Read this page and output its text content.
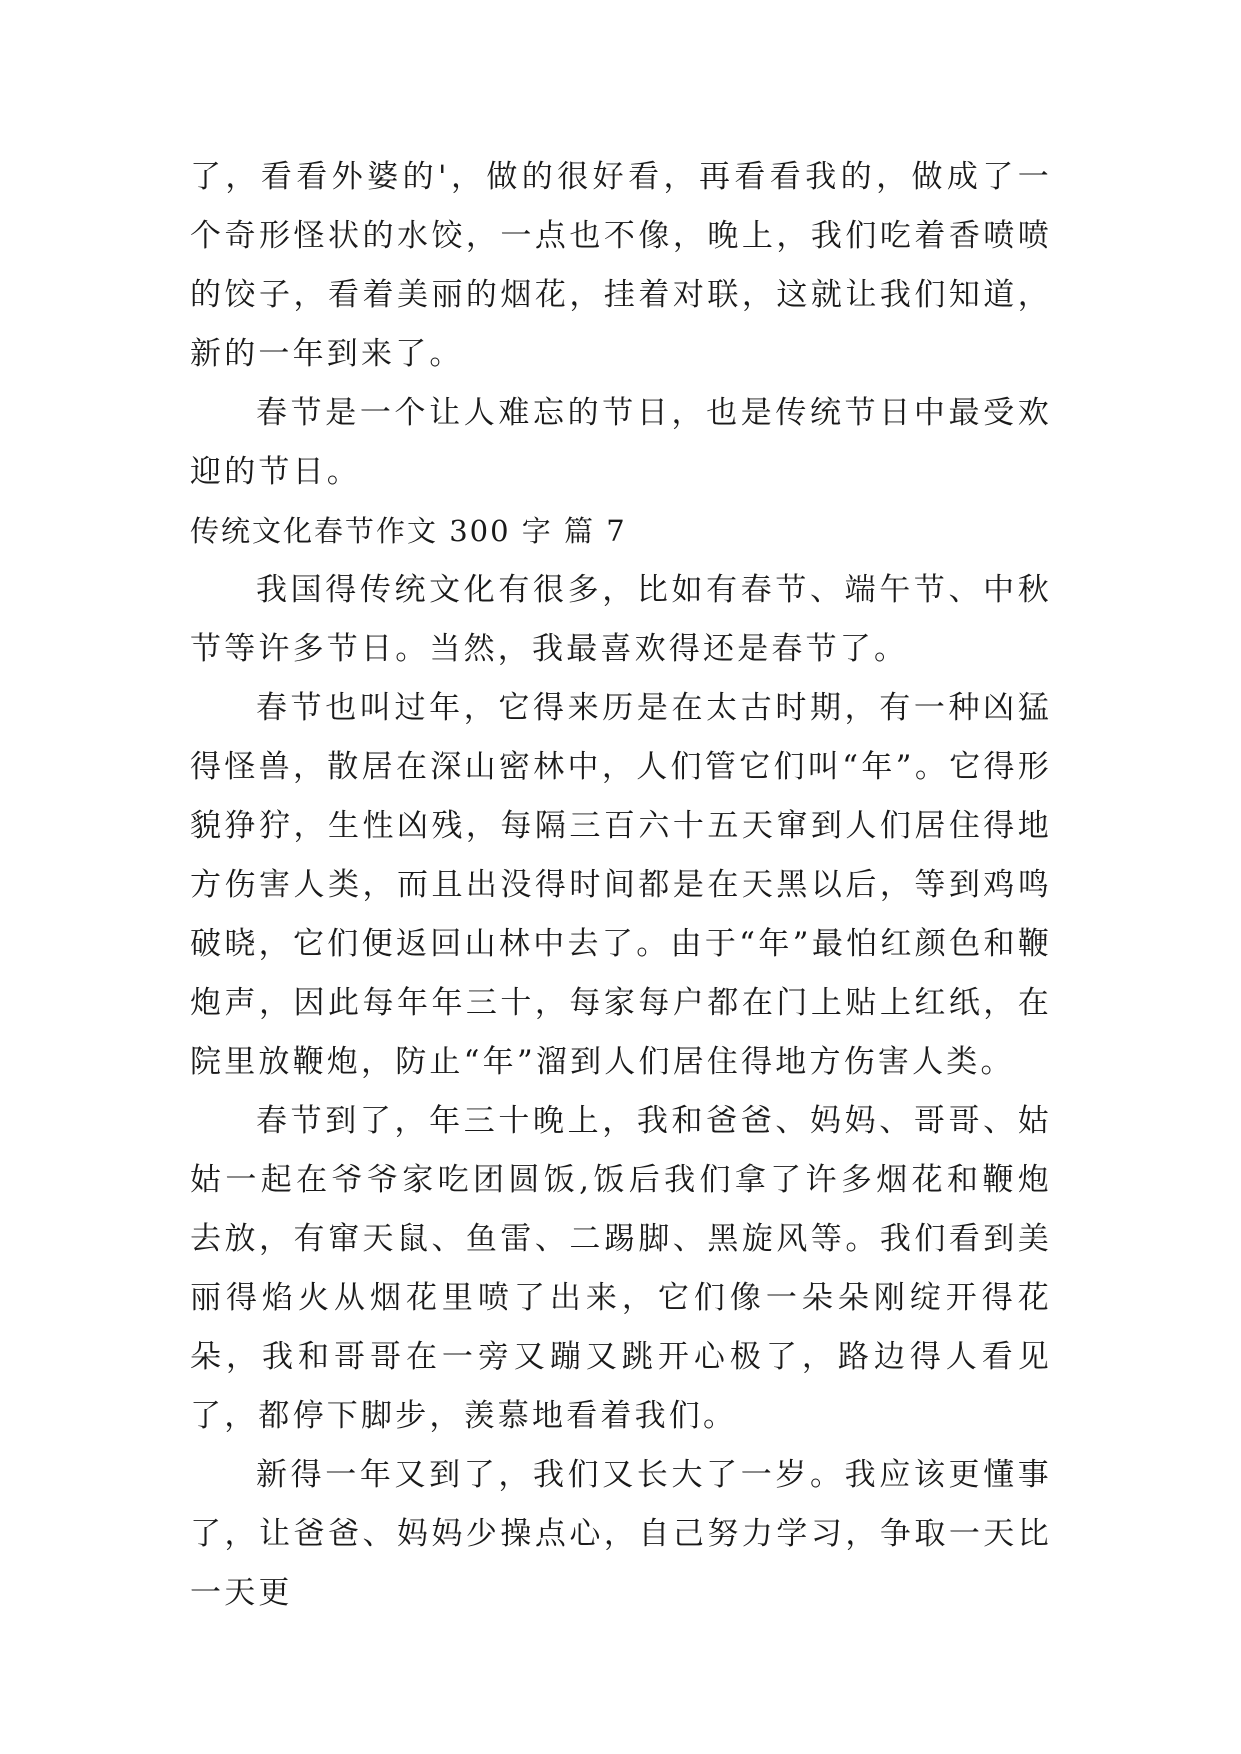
了，看看外婆的'，做的很好看，再看看我的，做成了一个奇形怪状的水饺，一点也不像，晚上，我们吃着香喷喷的饺子，看着美丽的烟花，挂着对联，这就让我们知道，新的一年到来了。

春节是一个让人难忘的节日，也是传统节日中最受欢迎的节日。

传统文化春节作文 300 字 篇 7

我国得传统文化有很多，比如有春节、端午节、中秋节等许多节日。当然，我最喜欢得还是春节了。

春节也叫过年，它得来历是在太古时期，有一种凶猛得怪兽，散居在深山密林中，人们管它们叫“年”。它得形貌狰狞，生性凶残，每隔三百六十五天窜到人们居住得地方伤害人类，而且出没得时间都是在天黑以后，等到鸡鸣破晓，它们便返回山林中去了。由于“年”最怕红颜色和鞭炮声，因此每年年三十，每家每户都在门上贴上红纸，在院里放鞭炮，防止“年”溜到人们居住得地方伤害人类。

春节到了，年三十晚上，我和爸爸、妈妈、哥哥、姑姑一起在爷爷家吃团圆饭,饭后我们拿了许多烟花和鞭炮去放，有窜天鼠、鱼雷、二踢脚、黑旋风等。我们看到美丽得焰火从烟花里喷了出来，它们像一朵朵刚绽开得花朵，我和哥哥在一旁又蹦又跳开心极了，路边得人看见了，都停下脚步，羡慕地看着我们。

新得一年又到了，我们又长大了一岁。我应该更懂事了，让爸爸、妈妈少操点心，自己努力学习，争取一天比一天更
